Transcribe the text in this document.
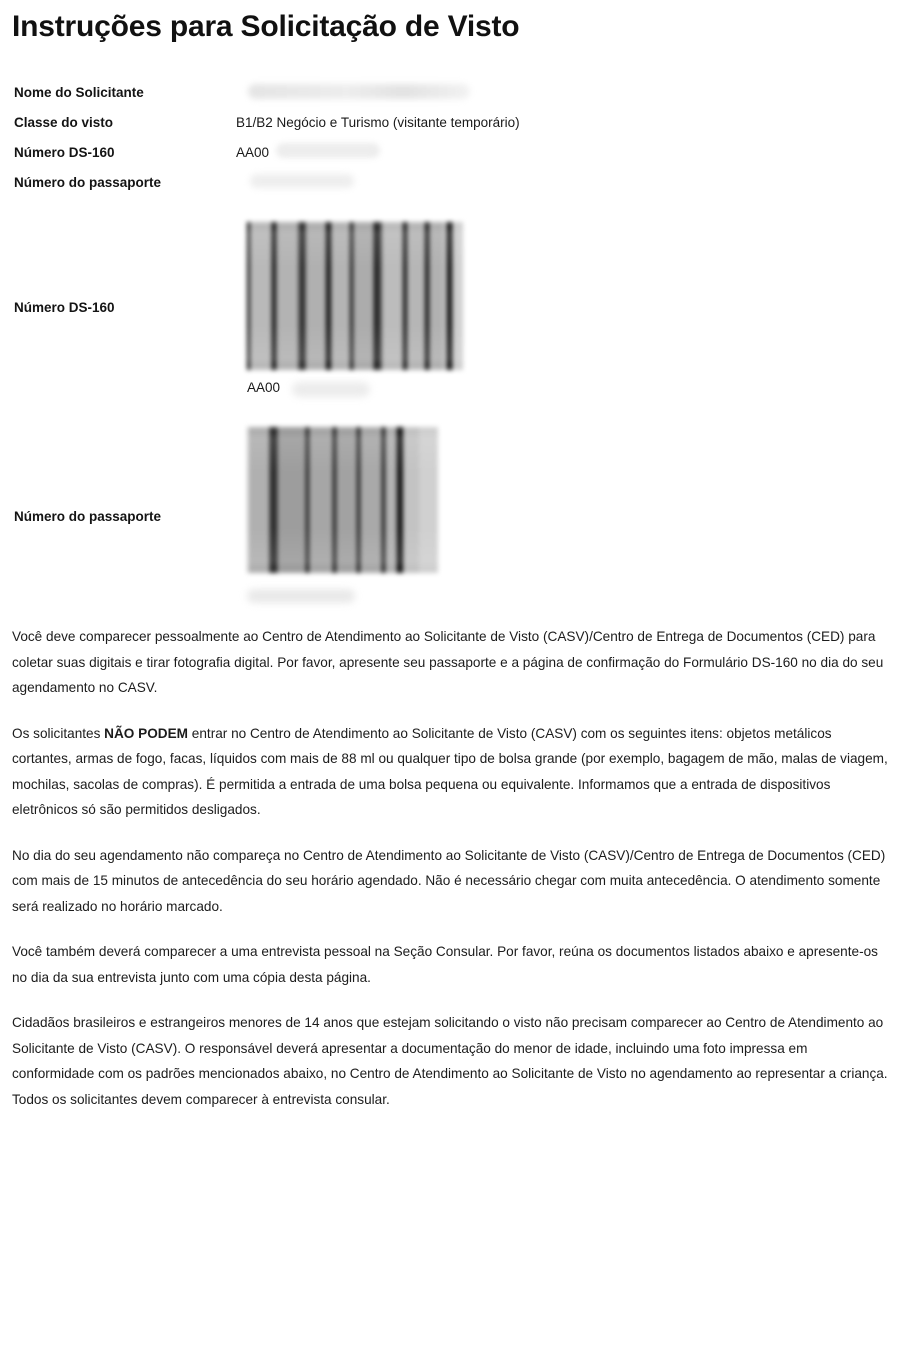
Instruções para Solicitação de Visto
Nome do Solicitante
Classe do visto	B1/B2 Negócio e Turismo (visitante temporário)
Número DS-160	AA00
Número do passaporte
Número DS-160
AA00
Número do passaporte

Você deve comparecer pessoalmente ao Centro de Atendimento ao Solicitante de Visto (CASV)/Centro de Entrega de Documentos (CED) para coletar suas digitais e tirar fotografia digital. Por favor, apresente seu passaporte e a página de confirmação do Formulário DS-160 no dia do seu agendamento no CASV.

Os solicitantes NÃO PODEM entrar no Centro de Atendimento ao Solicitante de Visto (CASV) com os seguintes itens: objetos metálicos cortantes, armas de fogo, facas, líquidos com mais de 88 ml ou qualquer tipo de bolsa grande (por exemplo, bagagem de mão, malas de viagem, mochilas, sacolas de compras). É permitida a entrada de uma bolsa pequena ou equivalente. Informamos que a entrada de dispositivos eletrônicos só são permitidos desligados.

No dia do seu agendamento não compareça no Centro de Atendimento ao Solicitante de Visto (CASV)/Centro de Entrega de Documentos (CED) com mais de 15 minutos de antecedência do seu horário agendado. Não é necessário chegar com muita antecedência. O atendimento somente será realizado no horário marcado.

Você também deverá comparecer a uma entrevista pessoal na Seção Consular. Por favor, reúna os documentos listados abaixo e apresente-os no dia da sua entrevista junto com uma cópia desta página.

Cidadãos brasileiros e estrangeiros menores de 14 anos que estejam solicitando o visto não precisam comparecer ao Centro de Atendimento ao Solicitante de Visto (CASV). O responsável deverá apresentar a documentação do menor de idade, incluindo uma foto impressa em conformidade com os padrões mencionados abaixo, no Centro de Atendimento ao Solicitante de Visto no agendamento ao representar a criança. Todos os solicitantes devem comparecer à entrevista consular.
